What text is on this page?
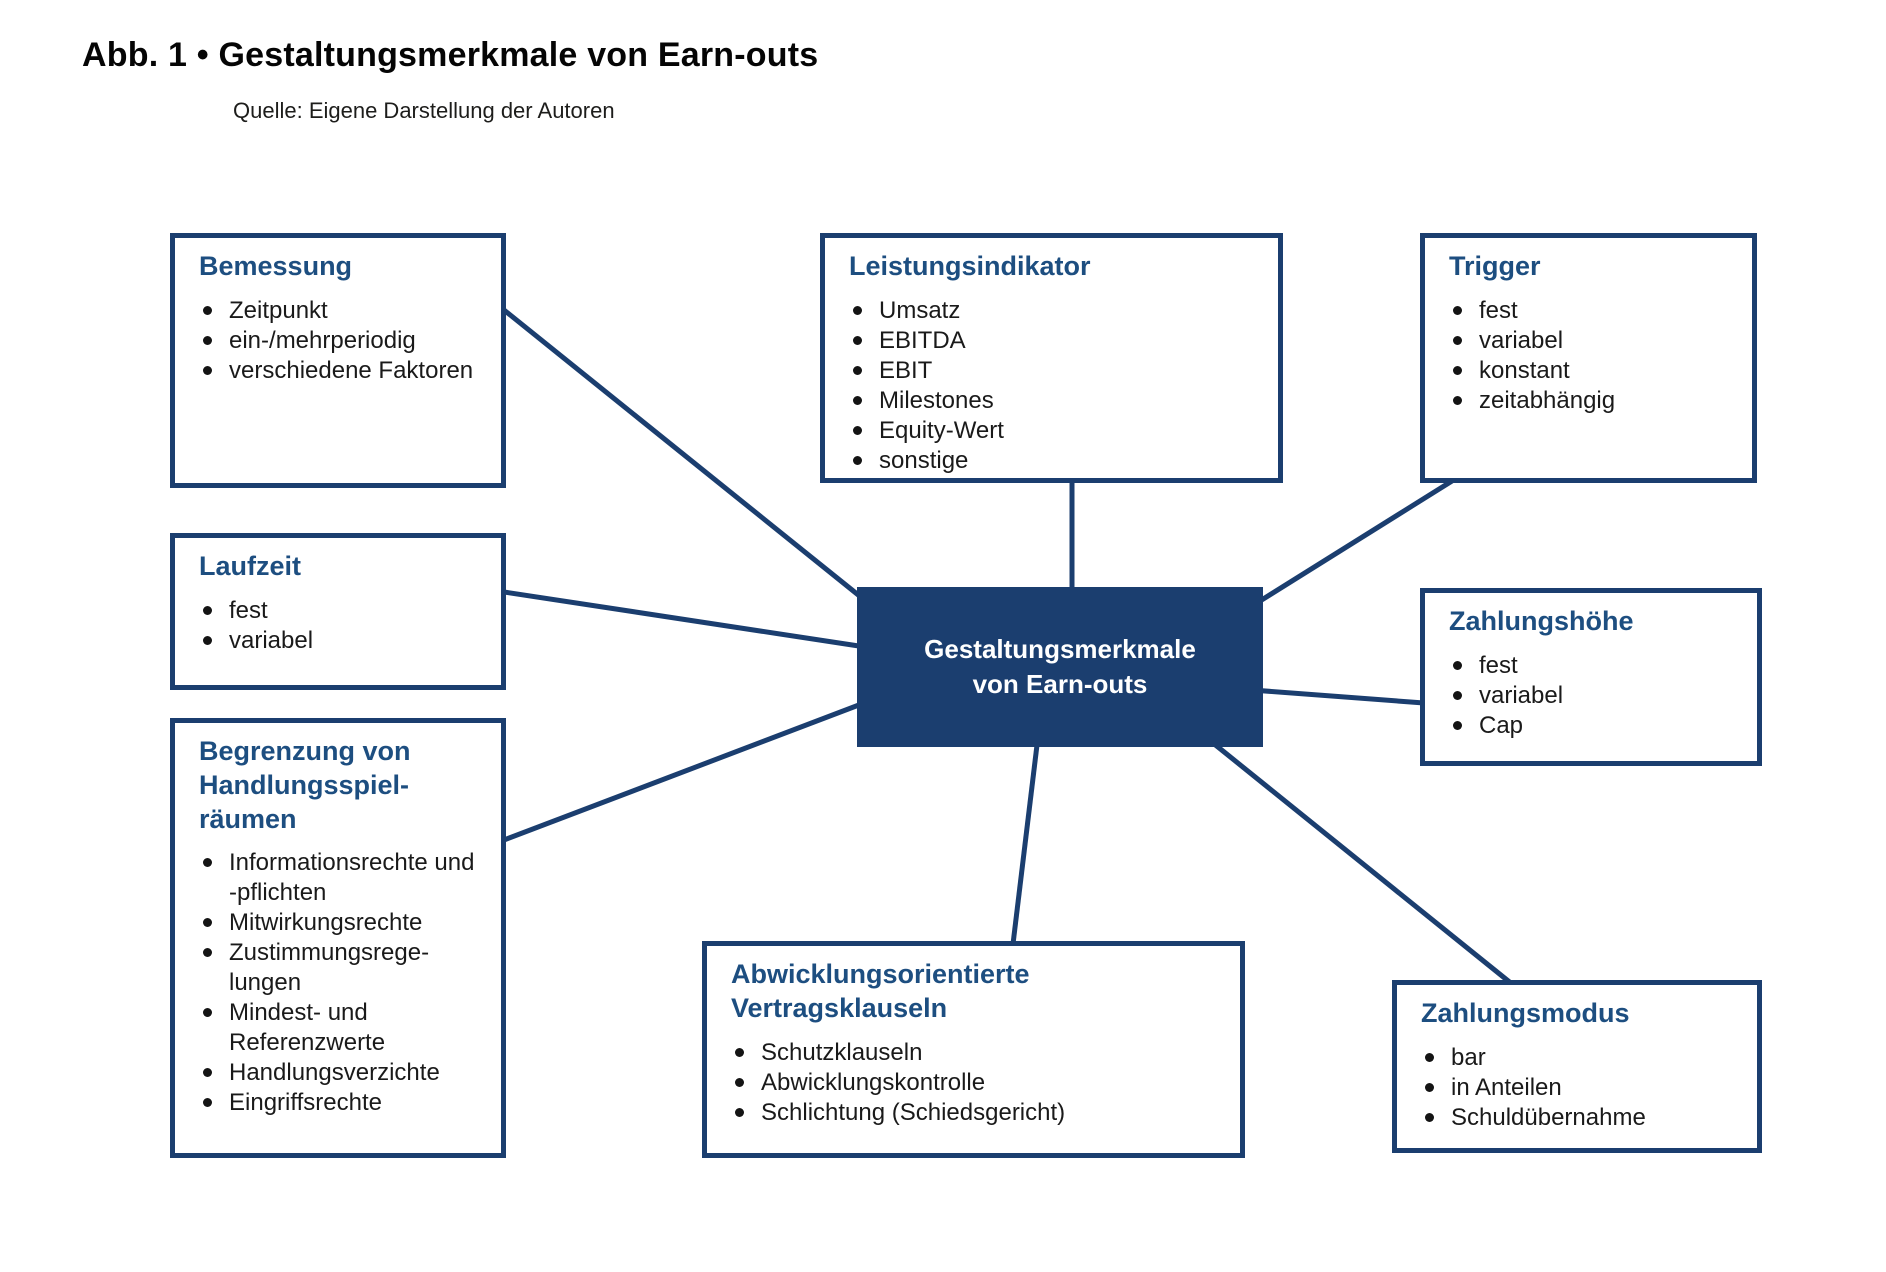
Abb. 1 • Gestaltungsmerkmale von Earn-outs

Quelle: Eigene Darstellung der Autoren

Bemessung
Zeitpunkt
ein-/mehrperiodig
verschiedene Faktoren
Laufzeit
fest
variabel
Begrenzung von Handlungsspiel-räumen
Informationsrechte und -pflichten
Mitwirkungsrechte
Zustimmungsrege-lungen
Mindest- und Referenzwerte
Handlungsverzichte
Eingriffsrechte
Leistungsindikator
Umsatz
EBITDA
EBIT
Milestones
Equity-Wert
sonstige
Trigger
fest
variabel
konstant
zeitabhängig
Zahlungshöhe
fest
variabel
Cap
Zahlungsmodus
bar
in Anteilen
Schuldübernahme
Abwicklungsorientierte Vertragsklauseln
Schutzklauseln
Abwicklungskontrolle
Schlichtung (Schiedsgericht)
Gestaltungsmerkmale von Earn-outs
